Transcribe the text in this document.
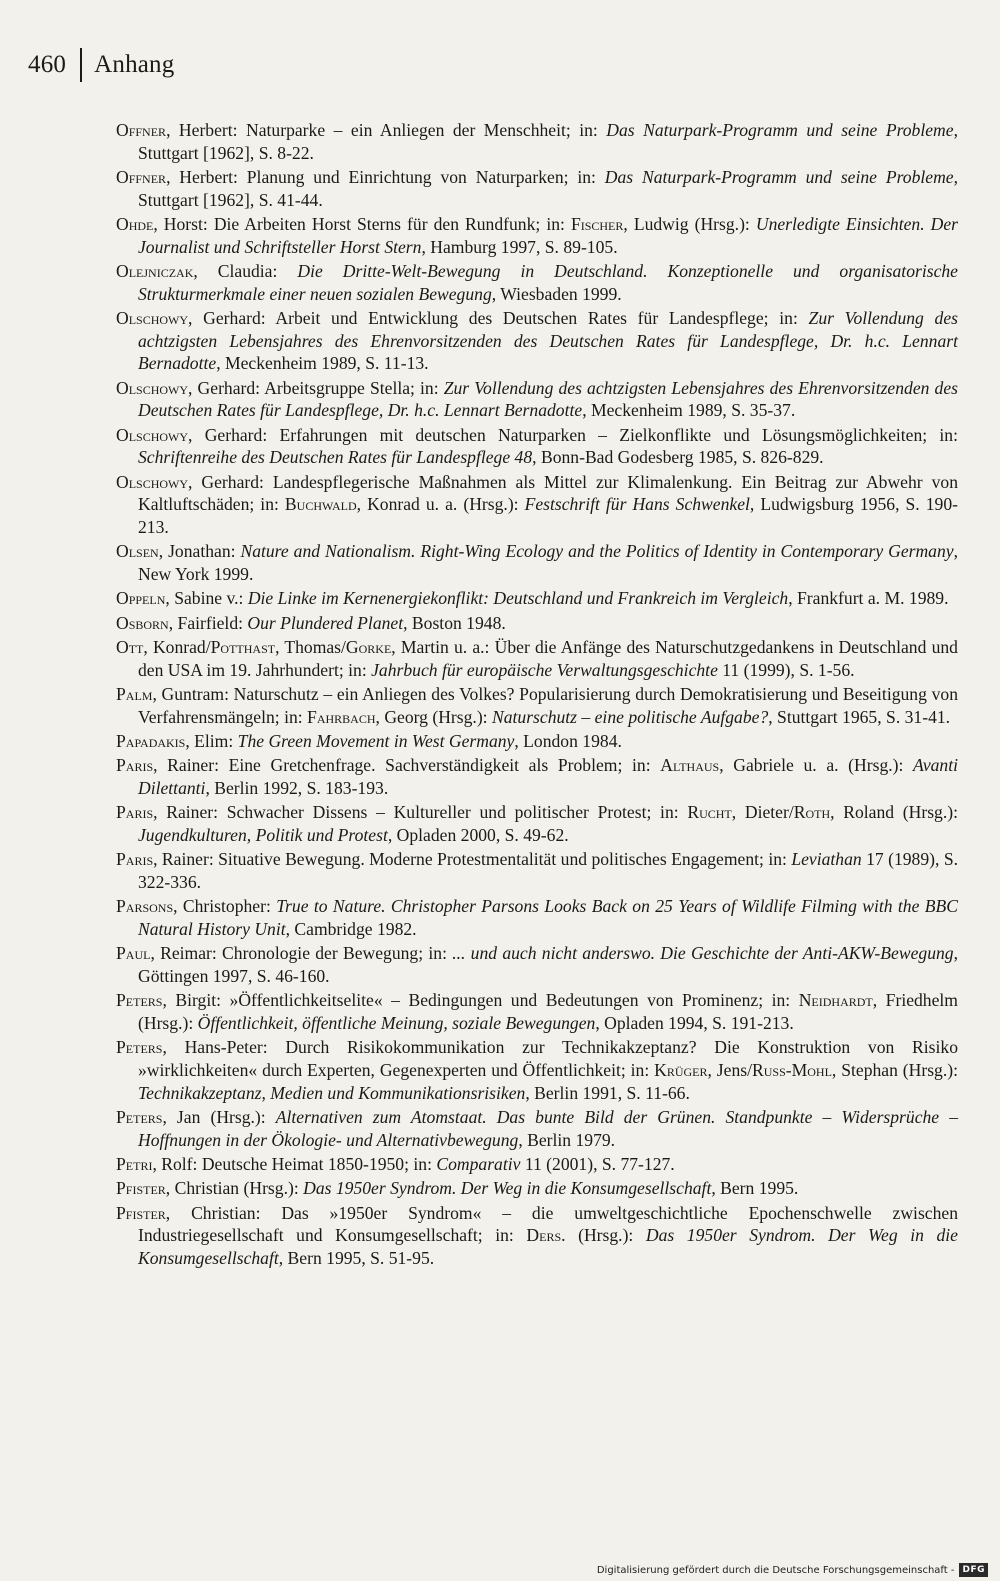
460 Anhang
Offner, Herbert: Naturparke – ein Anliegen der Menschheit; in: Das Naturpark-Programm und seine Probleme, Stuttgart [1962], S. 8-22.
Offner, Herbert: Planung und Einrichtung von Naturparken; in: Das Naturpark-Programm und seine Probleme, Stuttgart [1962], S. 41-44.
Ohde, Horst: Die Arbeiten Horst Sterns für den Rundfunk; in: Fischer, Ludwig (Hrsg.): Unerledigte Einsichten. Der Journalist und Schriftsteller Horst Stern, Hamburg 1997, S. 89-105.
Olejniczak, Claudia: Die Dritte-Welt-Bewegung in Deutschland. Konzeptionelle und organisatorische Strukturmerkmale einer neuen sozialen Bewegung, Wiesbaden 1999.
Olschowy, Gerhard: Arbeit und Entwicklung des Deutschen Rates für Landespflege; in: Zur Vollendung des achtzigsten Lebensjahres des Ehrenvorsitzenden des Deutschen Rates für Landespflege, Dr. h.c. Lennart Bernadotte, Meckenheim 1989, S. 11-13.
Olschowy, Gerhard: Arbeitsgruppe Stella; in: Zur Vollendung des achtzigsten Lebensjahres des Ehrenvorsitzenden des Deutschen Rates für Landespflege, Dr. h.c. Lennart Bernadotte, Meckenheim 1989, S. 35-37.
Olschowy, Gerhard: Erfahrungen mit deutschen Naturparken – Zielkonflikte und Lösungsmöglichkeiten; in: Schriftenreihe des Deutschen Rates für Landespflege 48, Bonn-Bad Godesberg 1985, S. 826-829.
Olschowy, Gerhard: Landespflegerische Maßnahmen als Mittel zur Klimalenkung. Ein Beitrag zur Abwehr von Kaltluftschäden; in: Buchwald, Konrad u. a. (Hrsg.): Festschrift für Hans Schwenkel, Ludwigsburg 1956, S. 190-213.
Olsen, Jonathan: Nature and Nationalism. Right-Wing Ecology and the Politics of Identity in Contemporary Germany, New York 1999.
Oppeln, Sabine v.: Die Linke im Kernenergiekonflikt: Deutschland und Frankreich im Vergleich, Frankfurt a. M. 1989.
Osborn, Fairfield: Our Plundered Planet, Boston 1948.
Ott, Konrad/Potthast, Thomas/Gorke, Martin u. a.: Über die Anfänge des Naturschutzgedankens in Deutschland und den USA im 19. Jahrhundert; in: Jahrbuch für europäische Verwaltungsgeschichte 11 (1999), S. 1-56.
Palm, Guntram: Naturschutz – ein Anliegen des Volkes? Popularisierung durch Demokratisierung und Beseitigung von Verfahrensmängeln; in: Fahrbach, Georg (Hrsg.): Naturschutz – eine politische Aufgabe?, Stuttgart 1965, S. 31-41.
Papadakis, Elim: The Green Movement in West Germany, London 1984.
Paris, Rainer: Eine Gretchenfrage. Sachverständigkeit als Problem; in: Althaus, Gabriele u. a. (Hrsg.): Avanti Dilettanti, Berlin 1992, S. 183-193.
Paris, Rainer: Schwacher Dissens – Kultureller und politischer Protest; in: Rucht, Dieter/Roth, Roland (Hrsg.): Jugendkulturen, Politik und Protest, Opladen 2000, S. 49-62.
Paris, Rainer: Situative Bewegung. Moderne Protestmentalität und politisches Engagement; in: Leviathan 17 (1989), S. 322-336.
Parsons, Christopher: True to Nature. Christopher Parsons Looks Back on 25 Years of Wildlife Filming with the BBC Natural History Unit, Cambridge 1982.
Paul, Reimar: Chronologie der Bewegung; in: ... und auch nicht anderswo. Die Geschichte der Anti-AKW-Bewegung, Göttingen 1997, S. 46-160.
Peters, Birgit: »Öffentlichkeitselite« – Bedingungen und Bedeutungen von Prominenz; in: Neidhardt, Friedhelm (Hrsg.): Öffentlichkeit, öffentliche Meinung, soziale Bewegungen, Opladen 1994, S. 191-213.
Peters, Hans-Peter: Durch Risikokommunikation zur Technikakzeptanz? Die Konstruktion von Risiko »wirklichkeiten« durch Experten, Gegenexperten und Öffentlichkeit; in: Krüger, Jens/Russ-Mohl, Stephan (Hrsg.): Technikakzeptanz, Medien und Kommunikationsrisiken, Berlin 1991, S. 11-66.
Peters, Jan (Hrsg.): Alternativen zum Atomstaat. Das bunte Bild der Grünen. Standpunkte – Widersprüche – Hoffnungen in der Ökologie- und Alternativbewegung, Berlin 1979.
Petri, Rolf: Deutsche Heimat 1850-1950; in: Comparativ 11 (2001), S. 77-127.
Pfister, Christian (Hrsg.): Das 1950er Syndrom. Der Weg in die Konsumgesellschaft, Bern 1995.
Pfister, Christian: Das »1950er Syndrom« – die umweltgeschichtliche Epochenschwelle zwischen Industriegesellschaft und Konsumgesellschaft; in: Ders. (Hrsg.): Das 1950er Syndrom. Der Weg in die Konsumgesellschaft, Bern 1995, S. 51-95.
Digitalisierung gefördert durch die Deutsche Forschungsgemeinschaft - DFG
